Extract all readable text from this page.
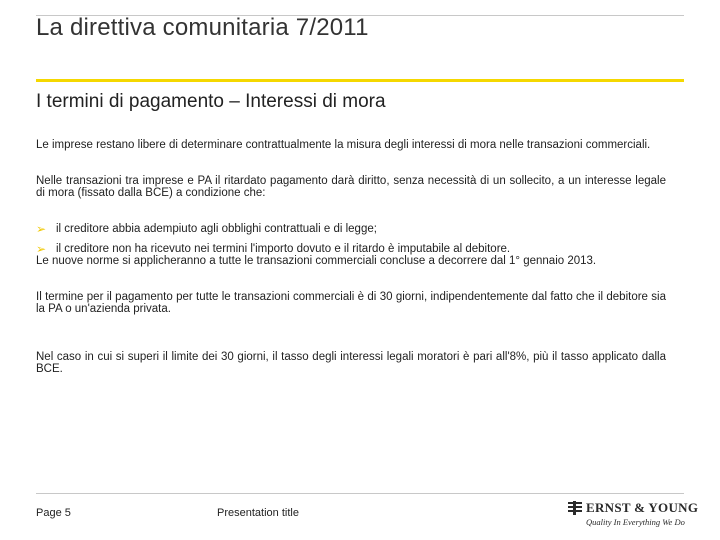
La direttiva comunitaria 7/2011
I termini di pagamento – Interessi di mora

Le imprese restano libere di determinare contrattualmente la misura degli interessi di mora nelle transazioni commerciali.

Nelle transazioni tra imprese e PA il ritardato pagamento darà diritto, senza necessità di un sollecito, a un interesse legale di mora (fissato dalla BCE) a condizione che:

➢ il creditore abbia adempiuto agli obblighi contrattuali e di legge;
➢ il creditore non ha ricevuto nei termini l'importo dovuto e il ritardo è imputabile al debitore.

Le nuove norme si applicheranno a tutte le transazioni commerciali concluse a decorrere dal 1° gennaio 2013.

Il termine per il pagamento per tutte le transazioni commerciali è di 30 giorni, indipendentemente dal fatto che il debitore sia la PA o un'azienda privata.

Nel caso in cui si superi il limite dei 30 giorni, il tasso degli interessi legali moratori è pari all'8%, più il tasso applicato dalla BCE.

Page 5	Presentation title	ERNST & YOUNG
Quality In Everything We Do
